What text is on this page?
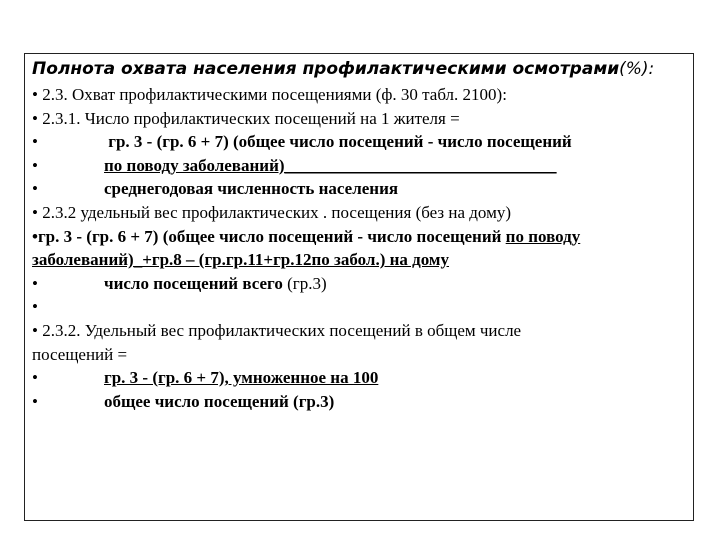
Полнота охвата населения профилактическими осмотрами(%):

• 2.3. Охват профилактическими посещениями (ф. 30 табл. 2100):
• 2.3.1. Число профилактических посещений на 1 жителя =
•	гр. 3 - (гр. 6 + 7) (общее число посещений - число посещений
•	по поводу заболеваний)________________________________
•	среднегодовая численность населения
• 2.3.2 удельный вес профилактических . посещения (без на дому)
•гр. 3 - (гр. 6 + 7) (общее число посещений - число посещений по поводу
заболеваний)_+гр.8 – (гр.гр.11+гр.12по забол.) на дому
•	число посещений всего (гр.3)
•
• 2.3.2. Удельный вес профилактических посещений в общем числе
посещений =
•	гр. 3 - (гр. 6 + 7), умноженное на 100
•	общее число посещений (гр.3)
